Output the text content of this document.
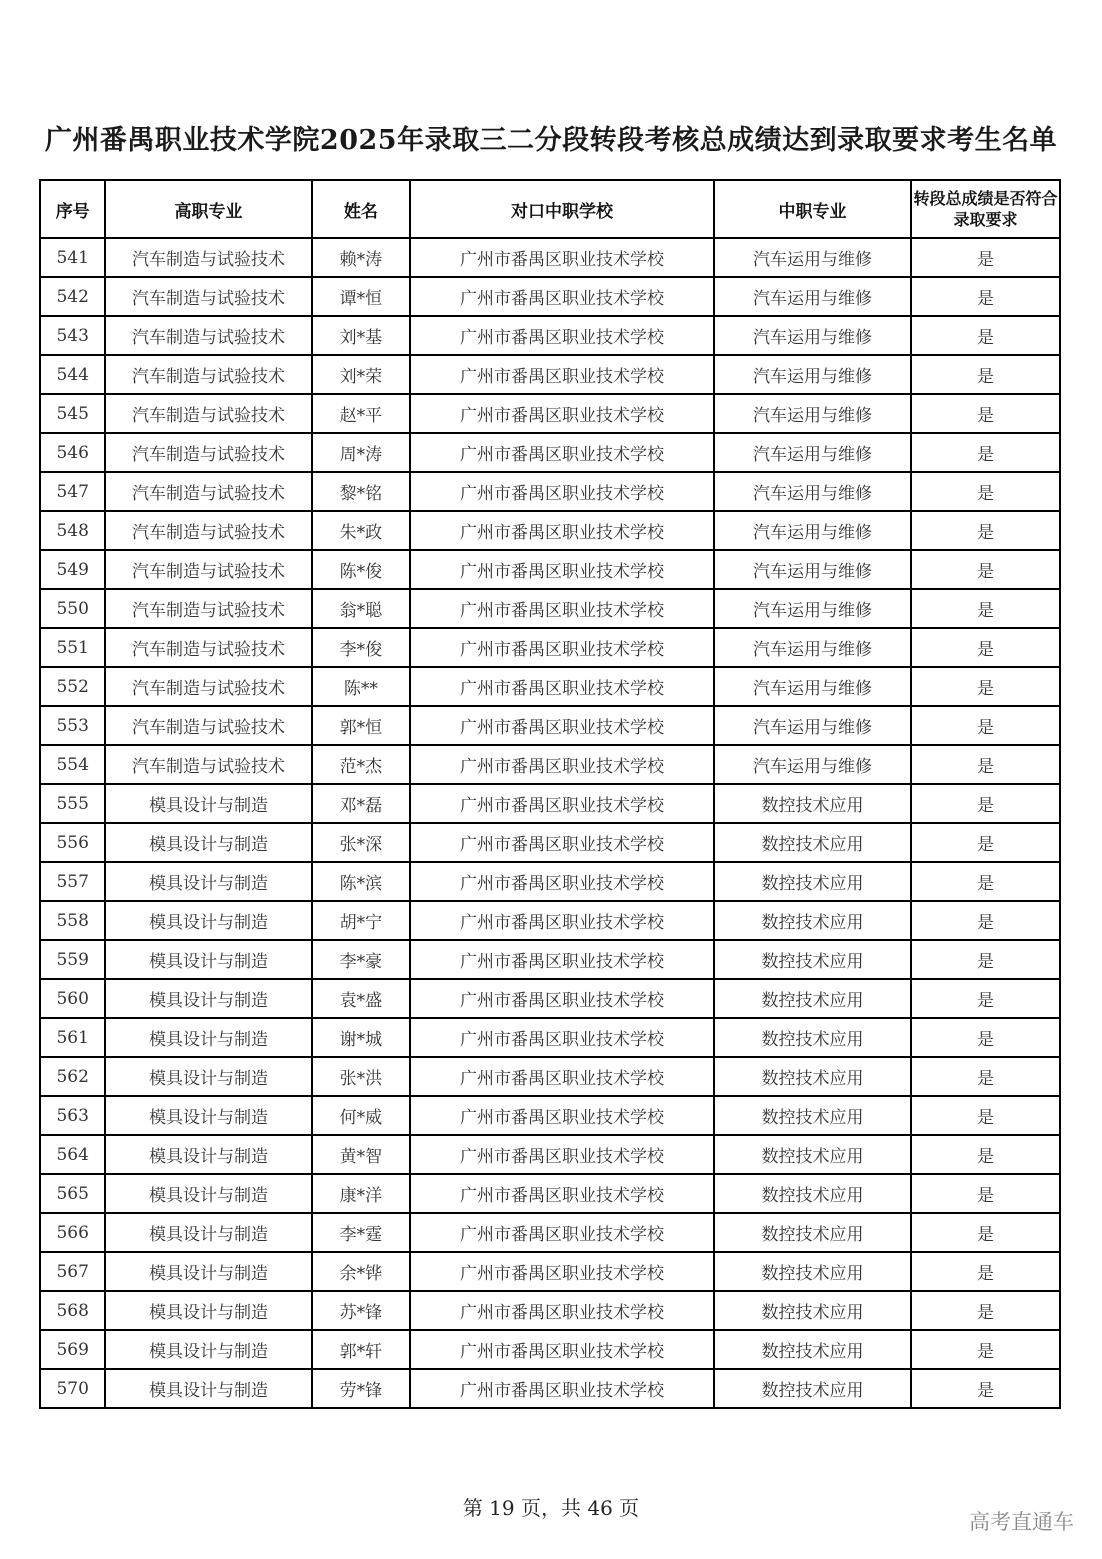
广州番禺职业技术学院2025年录取三二分段转段考核总成绩达到录取要求考生名单
序号	高职专业	姓名	对口中职学校	中职专业	转段总成绩是否符合录取要求
541	汽车制造与试验技术	赖*涛	广州市番禺区职业技术学校	汽车运用与维修	是
542	汽车制造与试验技术	谭*恒	广州市番禺区职业技术学校	汽车运用与维修	是
543	汽车制造与试验技术	刘*基	广州市番禺区职业技术学校	汽车运用与维修	是
544	汽车制造与试验技术	刘*荣	广州市番禺区职业技术学校	汽车运用与维修	是
545	汽车制造与试验技术	赵*平	广州市番禺区职业技术学校	汽车运用与维修	是
546	汽车制造与试验技术	周*涛	广州市番禺区职业技术学校	汽车运用与维修	是
547	汽车制造与试验技术	黎*铭	广州市番禺区职业技术学校	汽车运用与维修	是
548	汽车制造与试验技术	朱*政	广州市番禺区职业技术学校	汽车运用与维修	是
549	汽车制造与试验技术	陈*俊	广州市番禺区职业技术学校	汽车运用与维修	是
550	汽车制造与试验技术	翁*聪	广州市番禺区职业技术学校	汽车运用与维修	是
551	汽车制造与试验技术	李*俊	广州市番禺区职业技术学校	汽车运用与维修	是
552	汽车制造与试验技术	陈**	广州市番禺区职业技术学校	汽车运用与维修	是
553	汽车制造与试验技术	郭*恒	广州市番禺区职业技术学校	汽车运用与维修	是
554	汽车制造与试验技术	范*杰	广州市番禺区职业技术学校	汽车运用与维修	是
555	模具设计与制造	邓*磊	广州市番禺区职业技术学校	数控技术应用	是
556	模具设计与制造	张*深	广州市番禺区职业技术学校	数控技术应用	是
557	模具设计与制造	陈*滨	广州市番禺区职业技术学校	数控技术应用	是
558	模具设计与制造	胡*宁	广州市番禺区职业技术学校	数控技术应用	是
559	模具设计与制造	李*豪	广州市番禺区职业技术学校	数控技术应用	是
560	模具设计与制造	袁*盛	广州市番禺区职业技术学校	数控技术应用	是
561	模具设计与制造	谢*城	广州市番禺区职业技术学校	数控技术应用	是
562	模具设计与制造	张*洪	广州市番禺区职业技术学校	数控技术应用	是
563	模具设计与制造	何*威	广州市番禺区职业技术学校	数控技术应用	是
564	模具设计与制造	黄*智	广州市番禺区职业技术学校	数控技术应用	是
565	模具设计与制造	康*洋	广州市番禺区职业技术学校	数控技术应用	是
566	模具设计与制造	李*霆	广州市番禺区职业技术学校	数控技术应用	是
567	模具设计与制造	余*铧	广州市番禺区职业技术学校	数控技术应用	是
568	模具设计与制造	苏*锋	广州市番禺区职业技术学校	数控技术应用	是
569	模具设计与制造	郭*轩	广州市番禺区职业技术学校	数控技术应用	是
570	模具设计与制造	劳*锋	广州市番禺区职业技术学校	数控技术应用	是
第 19 页，共 46 页
高考直通车
